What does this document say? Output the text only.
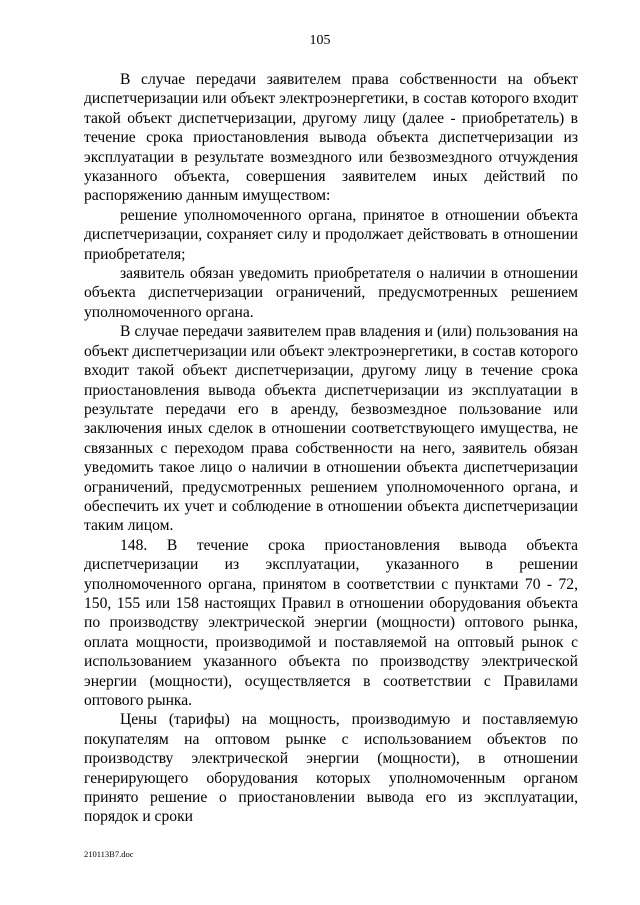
105

В случае передачи заявителем права собственности на объект диспетчеризации или объект электроэнергетики, в состав которого входит такой объект диспетчеризации, другому лицу (далее - приобретатель) в течение срока приостановления вывода объекта диспетчеризации из эксплуатации в результате возмездного или безвозмездного отчуждения указанного объекта, совершения заявителем иных действий по распоряжению данным имуществом:

решение уполномоченного органа, принятое в отношении объекта диспетчеризации, сохраняет силу и продолжает действовать в отношении приобретателя;

заявитель обязан уведомить приобретателя о наличии в отношении объекта диспетчеризации ограничений, предусмотренных решением уполномоченного органа.

В случае передачи заявителем прав владения и (или) пользования на объект диспетчеризации или объект электроэнергетики, в состав которого входит такой объект диспетчеризации, другому лицу в течение срока приостановления вывода объекта диспетчеризации из эксплуатации в результате передачи его в аренду, безвозмездное пользование или заключения иных сделок в отношении соответствующего имущества, не связанных с переходом права собственности на него, заявитель обязан уведомить такое лицо о наличии в отношении объекта диспетчеризации ограничений, предусмотренных решением уполномоченного органа, и обеспечить их учет и соблюдение в отношении объекта диспетчеризации таким лицом.

148. В течение срока приостановления вывода объекта диспетчеризации из эксплуатации, указанного в решении уполномоченного органа, принятом в соответствии с пунктами 70 - 72, 150, 155 или 158 настоящих Правил в отношении оборудования объекта по производству электрической энергии (мощности) оптового рынка, оплата мощности, производимой и поставляемой на оптовый рынок с использованием указанного объекта по производству электрической энергии (мощности), осуществляется в соответствии с Правилами оптового рынка.

Цены (тарифы) на мощность, производимую и поставляемую покупателям на оптовом рынке с использованием объектов по производству электрической энергии (мощности), в отношении генерирующего оборудования которых уполномоченным органом принято решение о приостановлении вывода его из эксплуатации, порядок и сроки

210113B7.doc
